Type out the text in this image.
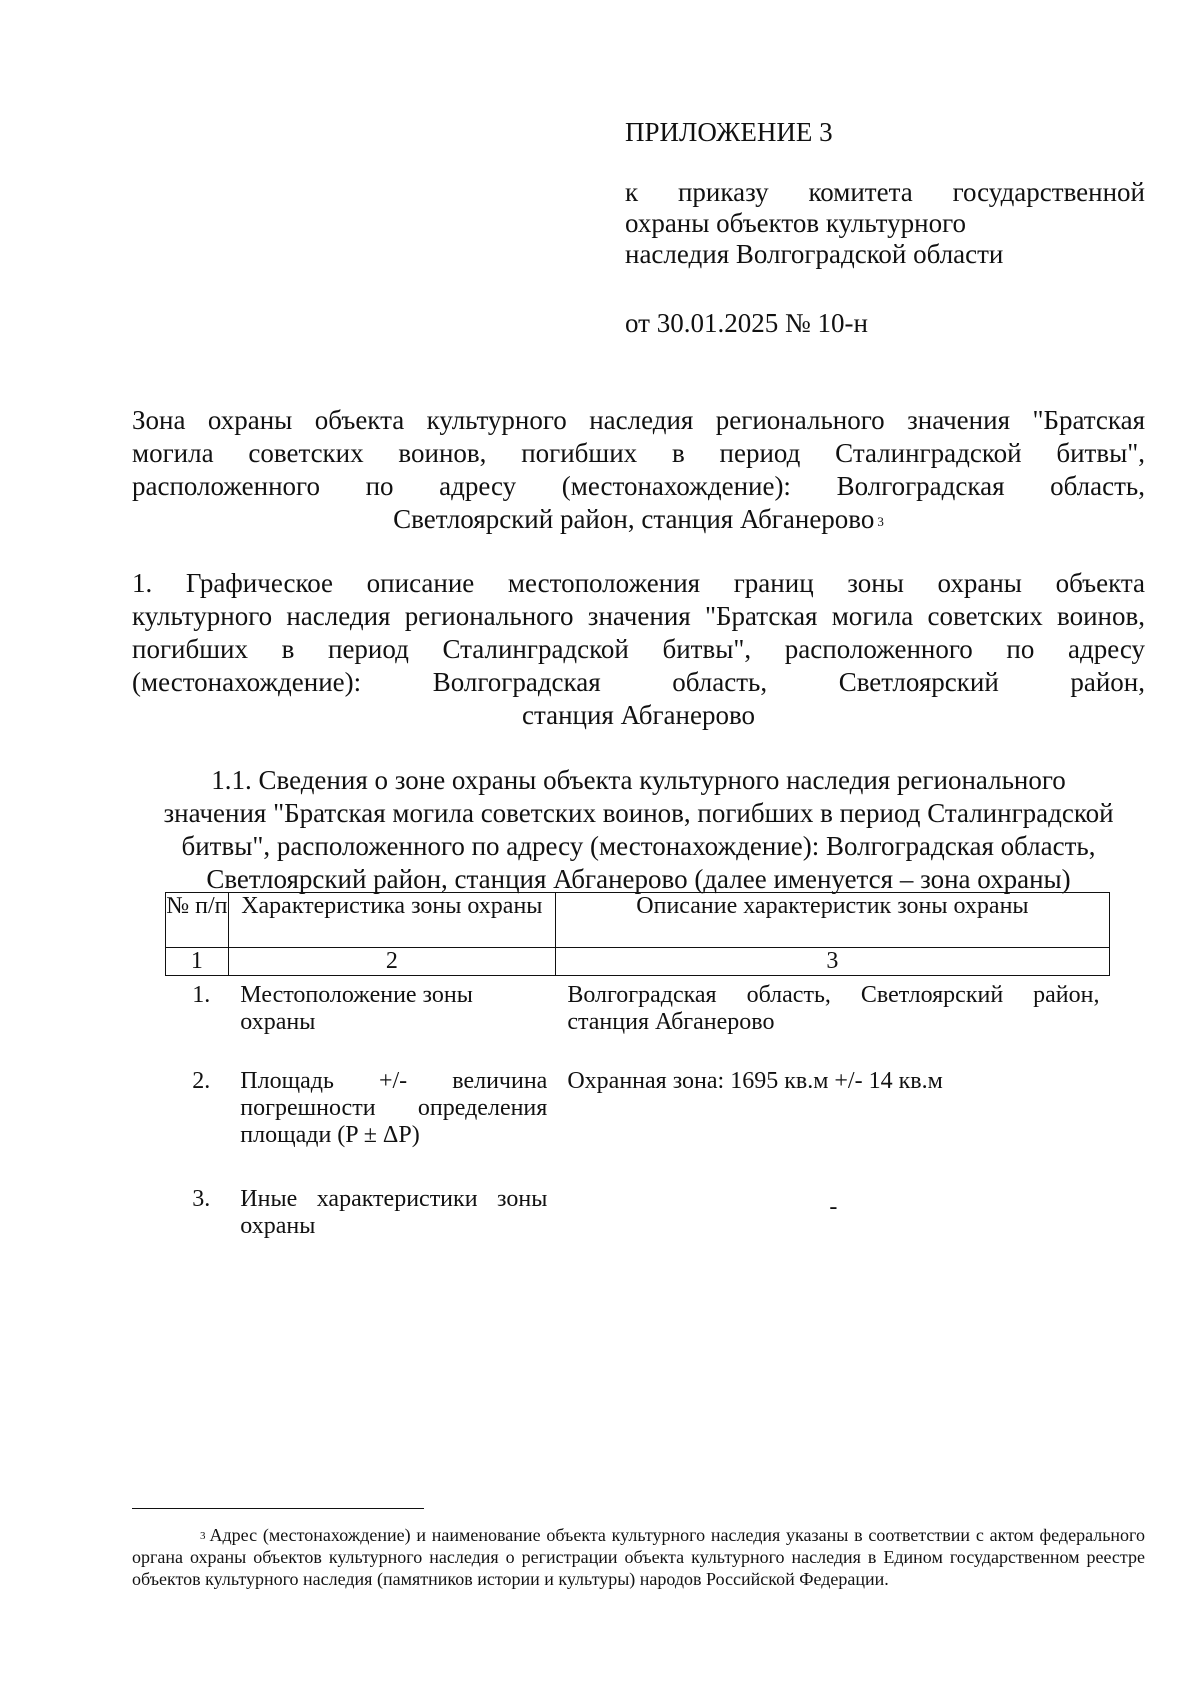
ПРИЛОЖЕНИЕ 3
к приказу комитета государственной
охраны объектов культурного
наследия Волгоградской области
от 30.01.2025 № 10-н
Зона охраны объекта культурного наследия регионального значения "Братская
могила советских воинов, погибших в период Сталинградской битвы",
расположенного по адресу (местонахождение): Волгоградская область,
Светлоярский район, станция Абганерово $^3$
1. Графическое описание местоположения границ зоны охраны объекта
культурного наследия регионального значения "Братская могила советских воинов,
погибших в период Сталинградской битвы", расположенного по адресу
(местонахождение): Волгоградская область, Светлоярский район,
станция Абганерово
1.1. Сведения о зоне охраны объекта культурного наследия регионального
значения "Братская могила советских воинов, погибших в период Сталинградской
битвы", расположенного по адресу (местонахождение): Волгоградская область,
Светлоярский район, станция Абганерово (далее именуется – зона охраны)
№ п/п	Характеристика зоны охраны	Описание характеристик зоны охраны
1	2	3
1.	Местоположение зоны охраны	Волгоградская область, Светлоярский район, станция Абганерово
2.	Площадь +/- величина погрешности определения площади (P ± ΔP)	Охранная зона: 1695 кв.м +/- 14 кв.м
3.	Иные характеристики зоны охраны	-
$^3$ Адрес (местонахождение) и наименование объекта культурного наследия указаны в соответствии с актом федерального органа охраны объектов культурного наследия о регистрации объекта культурного наследия в Едином государственном реестре объектов культурного наследия (памятников истории и культуры) народов Российской Федерации.
